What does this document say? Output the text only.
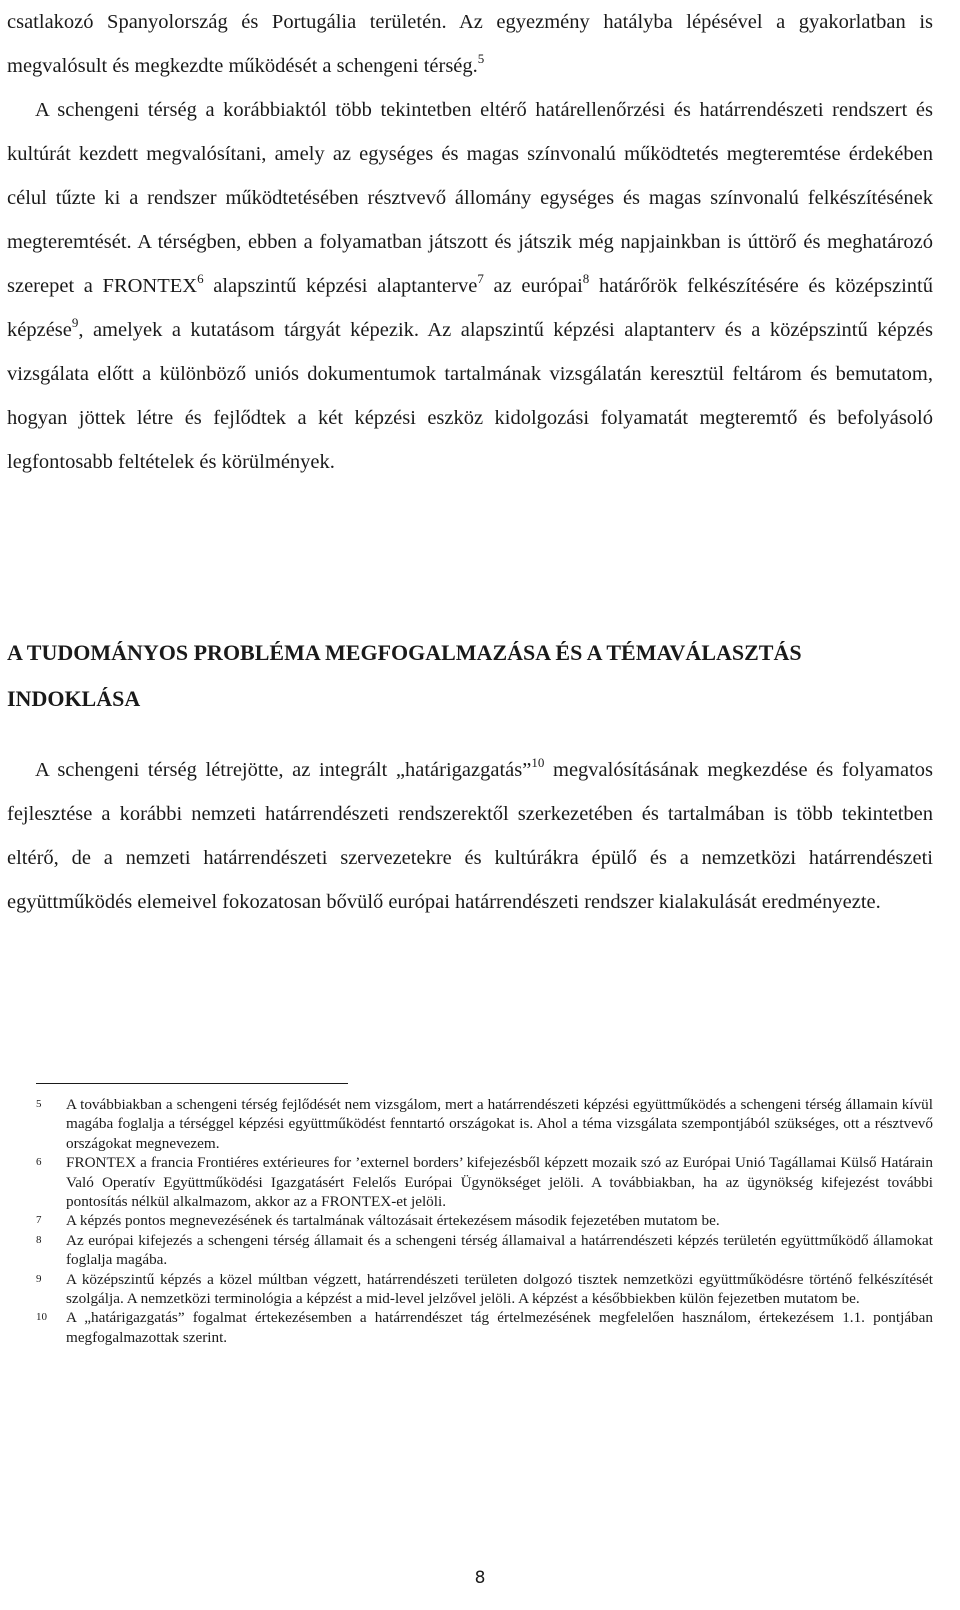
csatlakozó Spanyolország és Portugália területén. Az egyezmény hatályba lépésével a gyakorlatban is megvalósult és megkezdte működését a schengeni térség.$^5$

A schengeni térség a korábbiaktól több tekintetben eltérő határellenőrzési és határrendészeti rendszert és kultúrát kezdett megvalósítani, amely az egységes és magas színvonalú működtetés megteremtése érdekében célul tűzte ki a rendszer működtetésében résztvevő állomány egységes és magas színvonalú felkészítésének megteremtését. A térségben, ebben a folyamatban játszott és játszik még napjainkban is úttörő és meghatározó szerepet a FRONTEX$^6$ alapszintű képzési alaptanterve$^7$ az európai$^8$ határőrök felkészítésére és középszintű képzése$^9$, amelyek a kutatásom tárgyát képezik. Az alapszintű képzési alaptanterv és a középszintű képzés vizsgálata előtt a különböző uniós dokumentumok tartalmának vizsgálatán keresztül feltárom és bemutatom, hogyan jöttek létre és fejlődtek a két képzési eszköz kidolgozási folyamatát megteremtő és befolyásoló legfontosabb feltételek és körülmények.

A TUDOMÁNYOS PROBLÉMA MEGFOGALMAZÁSA ÉS A TÉMAVÁLASZTÁS INDOKLÁSA

A schengeni térség létrejötte, az integrált „határigazgatás”$^{10}$ megvalósításának megkezdése és folyamatos fejlesztése a korábbi nemzeti határrendészeti rendszerektől szerkezetében és tartalmában is több tekintetben eltérő, de a nemzeti határrendészeti szervezetekre és kultúrákra épülő és a nemzetközi határrendészeti együttműködés elemeivel fokozatosan bővülő európai határrendészeti rendszer kialakulását eredményezte.

5 A továbbiakban a schengeni térség fejlődését nem vizsgálom, mert a határrendészeti képzési együttműködés a schengeni térség államain kívül magába foglalja a térséggel képzési együttműködést fenntartó országokat is. Ahol a téma vizsgálata szempontjából szükséges, ott a résztvevő országokat megnevezem.

6 FRONTEX a francia Frontiéres extérieures for ’externel borders’ kifejezésből képzett mozaik szó az Európai Unió Tagállamai Külső Határain Való Operatív Együttműködési Igazgatásért Felelős Európai Ügynökséget jelöli. A továbbiakban, ha az ügynökség kifejezést további pontosítás nélkül alkalmazom, akkor az a FRONTEX-et jelöli.

7 A képzés pontos megnevezésének és tartalmának változásait értekezésem második fejezetében mutatom be.

8 Az európai kifejezés a schengeni térség államait és a schengeni térség államaival a határrendészeti képzés területén együttműködő államokat foglalja magába.

9 A középszintű képzés a közel múltban végzett, határrendészeti területen dolgozó tisztek nemzetközi együttműködésre történő felkészítését szolgálja. A nemzetközi terminológia a képzést a mid-level jelzővel jelöli. A képzést a későbbiekben külön fejezetben mutatom be.

10 A „határigazgatás” fogalmat értekezésemben a határrendészet tág értelmezésének megfelelően használom, értekezésem 1.1. pontjában megfogalmazottak szerint.

8
